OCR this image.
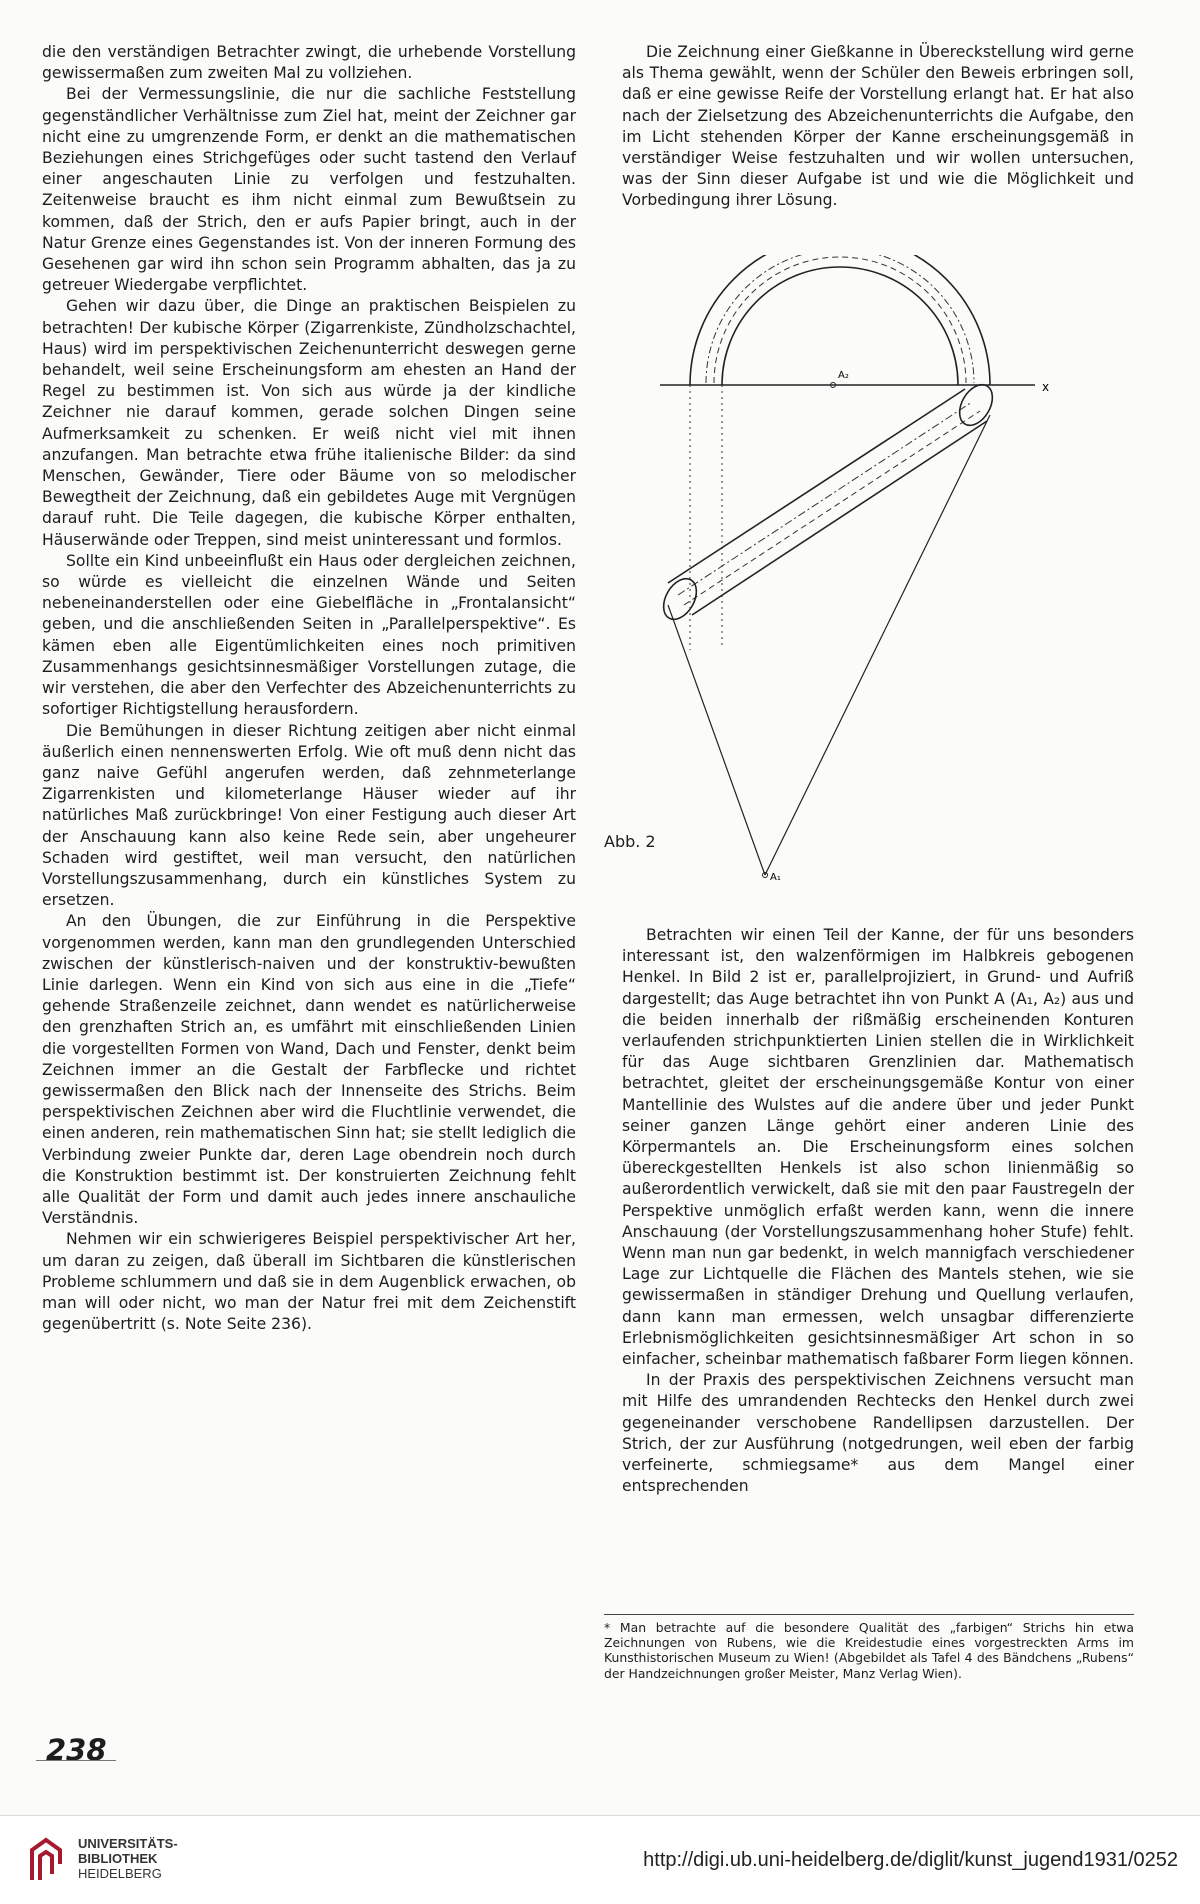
die den verständigen Betrachter zwingt, die urhebende Vorstellung gewissermaßen zum zweiten Mal zu vollziehen.

Bei der Vermessungslinie, die nur die sachliche Feststellung gegenständlicher Verhältnisse zum Ziel hat, meint der Zeichner gar nicht eine zu umgrenzende Form, er denkt an die mathematischen Beziehungen eines Strichgefüges oder sucht tastend den Verlauf einer angeschauten Linie zu verfolgen und festzuhalten. Zeitenweise braucht es ihm nicht einmal zum Bewußtsein zu kommen, daß der Strich, den er aufs Papier bringt, auch in der Natur Grenze eines Gegenstandes ist. Von der inneren Formung des Gesehenen gar wird ihn schon sein Programm abhalten, das ja zu getreuer Wiedergabe verpflichtet.

Gehen wir dazu über, die Dinge an praktischen Beispielen zu betrachten! Der kubische Körper (Zigarrenkiste, Zündholzschachtel, Haus) wird im perspektivischen Zeichenunterricht deswegen gerne behandelt, weil seine Erscheinungsform am ehesten an Hand der Regel zu bestimmen ist. Von sich aus würde ja der kindliche Zeichner nie darauf kommen, gerade solchen Dingen seine Aufmerksamkeit zu schenken. Er weiß nicht viel mit ihnen anzufangen. Man betrachte etwa frühe italienische Bilder: da sind Menschen, Gewänder, Tiere oder Bäume von so melodischer Bewegtheit der Zeichnung, daß ein gebildetes Auge mit Vergnügen darauf ruht. Die Teile dagegen, die kubische Körper enthalten, Häuserwände oder Treppen, sind meist uninteressant und formlos.

Sollte ein Kind unbeeinflußt ein Haus oder dergleichen zeichnen, so würde es vielleicht die einzelnen Wände und Seiten nebeneinanderstellen oder eine Giebelfläche in „Frontalansicht“ geben, und die anschließenden Seiten in „Parallelperspektive“. Es kämen eben alle Eigentümlichkeiten eines noch primitiven Zusammenhangs gesichtsinnesmäßiger Vorstellungen zutage, die wir verstehen, die aber den Verfechter des Abzeichenunterrichts zu sofortiger Richtigstellung herausfordern.

Die Bemühungen in dieser Richtung zeitigen aber nicht einmal äußerlich einen nennenswerten Erfolg. Wie oft muß denn nicht das ganz naive Gefühl angerufen werden, daß zehnmeterlange Zigarrenkisten und kilometerlange Häuser wieder auf ihr natürliches Maß zurückbringe! Von einer Festigung auch dieser Art der Anschauung kann also keine Rede sein, aber ungeheurer Schaden wird gestiftet, weil man versucht, den natürlichen Vorstellungszusammenhang, durch ein künstliches System zu ersetzen.

An den Übungen, die zur Einführung in die Perspektive vorgenommen werden, kann man den grundlegenden Unterschied zwischen der künstlerisch-naiven und der konstruktiv-bewußten Linie darlegen. Wenn ein Kind von sich aus eine in die „Tiefe“ gehende Straßenzeile zeichnet, dann wendet es natürlicherweise den grenzhaften Strich an, es umfährt mit einschließenden Linien die vorgestellten Formen von Wand, Dach und Fenster, denkt beim Zeichnen immer an die Gestalt der Farbflecke und richtet gewissermaßen den Blick nach der Innenseite des Strichs. Beim perspektivischen Zeichnen aber wird die Fluchtlinie verwendet, die einen anderen, rein mathematischen Sinn hat; sie stellt lediglich die Verbindung zweier Punkte dar, deren Lage obendrein noch durch die Konstruktion bestimmt ist. Der konstruierten Zeichnung fehlt alle Qualität der Form und damit auch jedes innere anschauliche Verständnis.

Nehmen wir ein schwierigeres Beispiel perspektivischer Art her, um daran zu zeigen, daß überall im Sichtbaren die künstlerischen Probleme schlummern und daß sie in dem Augenblick erwachen, ob man will oder nicht, wo man der Natur frei mit dem Zeichenstift gegenübertritt (s. Note Seite 236).

Die Zeichnung einer Gießkanne in Übereckstellung wird gerne als Thema gewählt, wenn der Schüler den Beweis erbringen soll, daß er eine gewisse Reife der Vorstellung erlangt hat. Er hat also nach der Zielsetzung des Abzeichenunterrichts die Aufgabe, den im Licht stehenden Körper der Kanne erscheinungsgemäß in verständiger Weise festzuhalten und wir wollen untersuchen, was der Sinn dieser Aufgabe ist und wie die Möglichkeit und Vorbedingung ihrer Lösung.

x
A₂
A₁
Abb. 2

Betrachten wir einen Teil der Kanne, der für uns besonders interessant ist, den walzenförmigen im Halbkreis gebogenen Henkel. In Bild 2 ist er, parallelprojiziert, in Grund- und Aufriß dargestellt; das Auge betrachtet ihn von Punkt A (A₁, A₂) aus und die beiden innerhalb der rißmäßig erscheinenden Konturen verlaufenden strichpunktierten Linien stellen die in Wirklichkeit für das Auge sichtbaren Grenzlinien dar. Mathematisch betrachtet, gleitet der erscheinungsgemäße Kontur von einer Mantellinie des Wulstes auf die andere über und jeder Punkt seiner ganzen Länge gehört einer anderen Linie des Körpermantels an. Die Erscheinungsform eines solchen übereckgestellten Henkels ist also schon linienmäßig so außerordentlich verwickelt, daß sie mit den paar Faustregeln der Perspektive unmöglich erfaßt werden kann, wenn die innere Anschauung (der Vorstellungszusammenhang hoher Stufe) fehlt. Wenn man nun gar bedenkt, in welch mannigfach verschiedener Lage zur Lichtquelle die Flächen des Mantels stehen, wie sie gewissermaßen in ständiger Drehung und Quellung verlaufen, dann kann man ermessen, welch unsagbar differenzierte Erlebnismöglichkeiten gesichtsinnesmäßiger Art schon in so einfacher, scheinbar mathematisch faßbarer Form liegen können.

In der Praxis des perspektivischen Zeichnens versucht man mit Hilfe des umrandenden Rechtecks den Henkel durch zwei gegeneinander verschobene Randellipsen darzustellen. Der Strich, der zur Ausführung (notgedrungen, weil eben der farbig verfeinerte, schmiegsame* aus dem Mangel einer entsprechenden

* Man betrachte auf die besondere Qualität des „farbigen“ Strichs hin etwa Zeichnungen von Rubens, wie die Kreidestudie eines vorgestreckten Arms im Kunsthistorischen Museum zu Wien! (Abgebildet als Tafel 4 des Bändchens „Rubens“ der Handzeichnungen großer Meister, Manz Verlag Wien).
238
UNIVERSITÄTS-
BIBLIOTHEK
HEIDELBERG
http://digi.ub.uni-heidelberg.de/diglit/kunst_jugend1931/0252
